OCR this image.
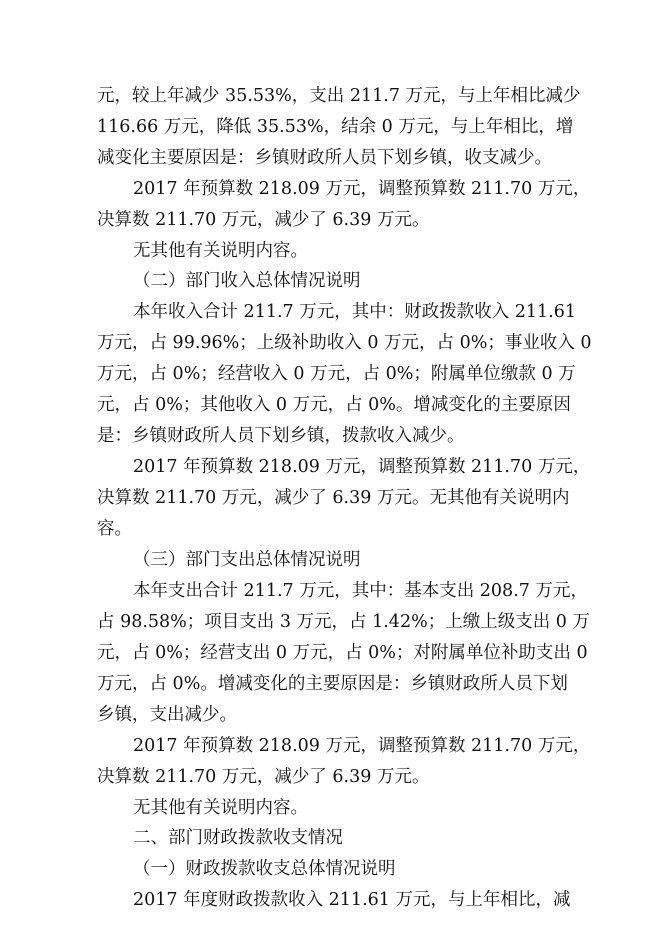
元，较上年减少 35.53%，支出 211.7 万元，与上年相比减少
116.66 万元，降低 35.53%，结余 0 万元，与上年相比，增
减变化主要原因是：乡镇财政所人员下划乡镇，收支减少。
2017 年预算数 218.09 万元，调整预算数 211.70 万元，
决算数 211.70 万元，减少了 6.39 万元。
无其他有关说明内容。
（二）部门收入总体情况说明
本年收入合计 211.7 万元，其中：财政拨款收入 211.61
万元，占 99.96%；上级补助收入 0 万元，占 0%；事业收入 0
万元，占 0%；经营收入 0 万元，占 0%；附属单位缴款 0 万
元，占 0%；其他收入 0 万元，占 0%。增减变化的主要原因
是：乡镇财政所人员下划乡镇，拨款收入减少。
2017 年预算数 218.09 万元，调整预算数 211.70 万元，
决算数 211.70 万元，减少了 6.39 万元。无其他有关说明内
容。
（三）部门支出总体情况说明
本年支出合计 211.7 万元，其中：基本支出 208.7 万元，
占 98.58%；项目支出 3 万元，占 1.42%；上缴上级支出 0 万
元，占 0%；经营支出 0 万元，占 0%；对附属单位补助支出 0
万元，占 0%。增减变化的主要原因是：乡镇财政所人员下划
乡镇，支出减少。
2017 年预算数 218.09 万元，调整预算数 211.70 万元，
决算数 211.70 万元，减少了 6.39 万元。
无其他有关说明内容。
二、部门财政拨款收支情况
（一）财政拨款收支总体情况说明
2017 年度财政拨款收入 211.61 万元，与上年相比，减
